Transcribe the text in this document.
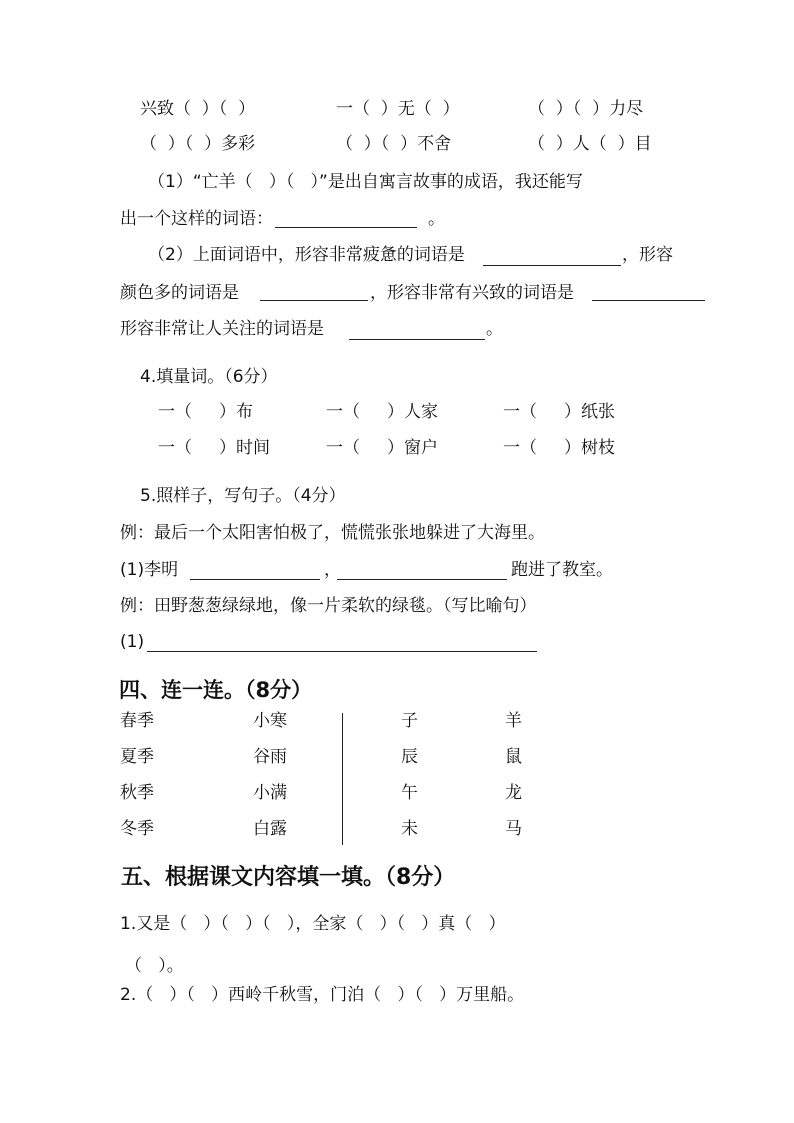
兴致（  ）（  ）	一（  ）无（  ）	（  ）（  ）力尽
（  ）（  ）多彩	（  ）（  ）不舍	（  ）人（  ）目
（1）“亡羊（   ）（   ）”是出自寓言故事的成语，我还能写
出一个这样的词语：	。
（2）上面词语中，形容非常疲惫的词语是	，形容
颜色多的词语是	，形容非常有兴致的词语是
形容非常让人关注的词语是	。
4.填量词。（6分）
一（     ）布	一（     ）人家	一（     ）纸张
一（     ）时间	一（     ）窗户	一（     ）树枝
5.照样子，写句子。（4分）
例：最后一个太阳害怕极了，慌慌张张地躲进了大海里。
(1)李明	，	跑进了教室。
例：田野葱葱绿绿地，像一片柔软的绿毯。（写比喻句）
(1)
四、连一连。（8分）
春季	小寒
夏季	谷雨
秋季	小满
冬季	白露
子	羊
辰	鼠
午	龙
未	马
五、根据课文内容填一填。（8分）
1.又是（   ）（   ）（   ），全家（   ）（   ）真（   ）
（   ）。
2.（   ）（   ）西岭千秋雪，门泊（   ）（   ）万里船。
